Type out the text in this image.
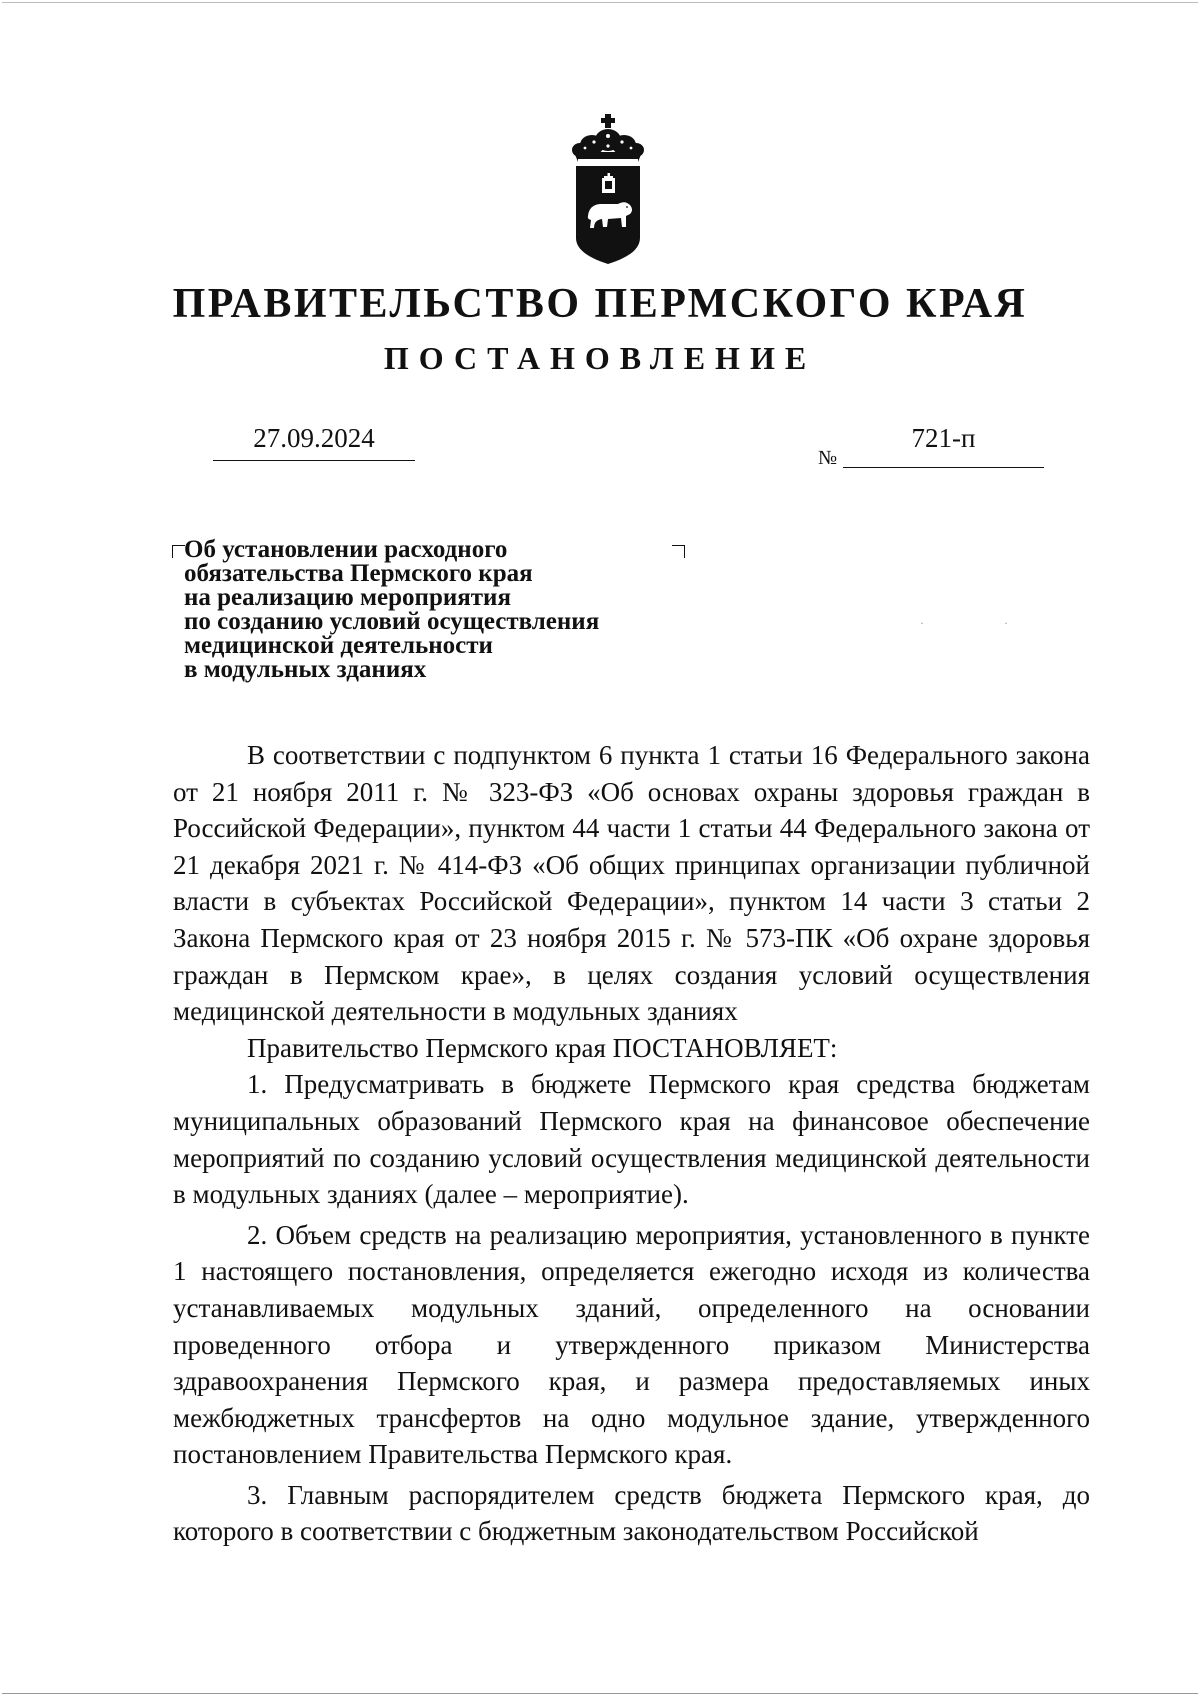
ПРАВИТЕЛЬСТВО ПЕРМСКОГО КРАЯ
ПОСТАНОВЛЕНИЕ
27.09.2024
№
721-п
Об установлении расходного
обязательства Пермского края
на реализацию мероприятия
по созданию условий осуществления
медицинской деятельности
в модульных зданиях
··

В соответствии с подпунктом 6 пункта 1 статьи 16 Федерального закона от 21 ноября 2011 г. № 323-ФЗ «Об основах охраны здоровья граждан в Российской Федерации», пунктом 44 части 1 статьи 44 Федерального закона от 21 декабря 2021 г. № 414-ФЗ «Об общих принципах организации публичной власти в субъектах Российской Федерации», пунктом 14 части 3 статьи 2 Закона Пермского края от 23 ноября 2015 г. № 573-ПК «Об охране здоровья граждан в Пермском крае», в целях создания условий осуществления медицинской деятельности в модульных зданиях

Правительство Пермского края ПОСТАНОВЛЯЕТ:

1. Предусматривать в бюджете Пермского края средства бюджетам муниципальных образований Пермского края на финансовое обеспечение мероприятий по созданию условий осуществления медицинской деятельности в модульных зданиях (далее – мероприятие).

2. Объем средств на реализацию мероприятия, установленного в пункте 1 настоящего постановления, определяется ежегодно исходя из количества устанавливаемых модульных зданий, определенного на основании проведенного отбора и утвержденного приказом Министерства здравоохранения Пермского края, и размера предоставляемых иных межбюджетных трансфертов на одно модульное здание, утвержденного постановлением Правительства Пермского края.

3. Главным распорядителем средств бюджета Пермского края, до которого в соответствии с бюджетным законодательством Российской
